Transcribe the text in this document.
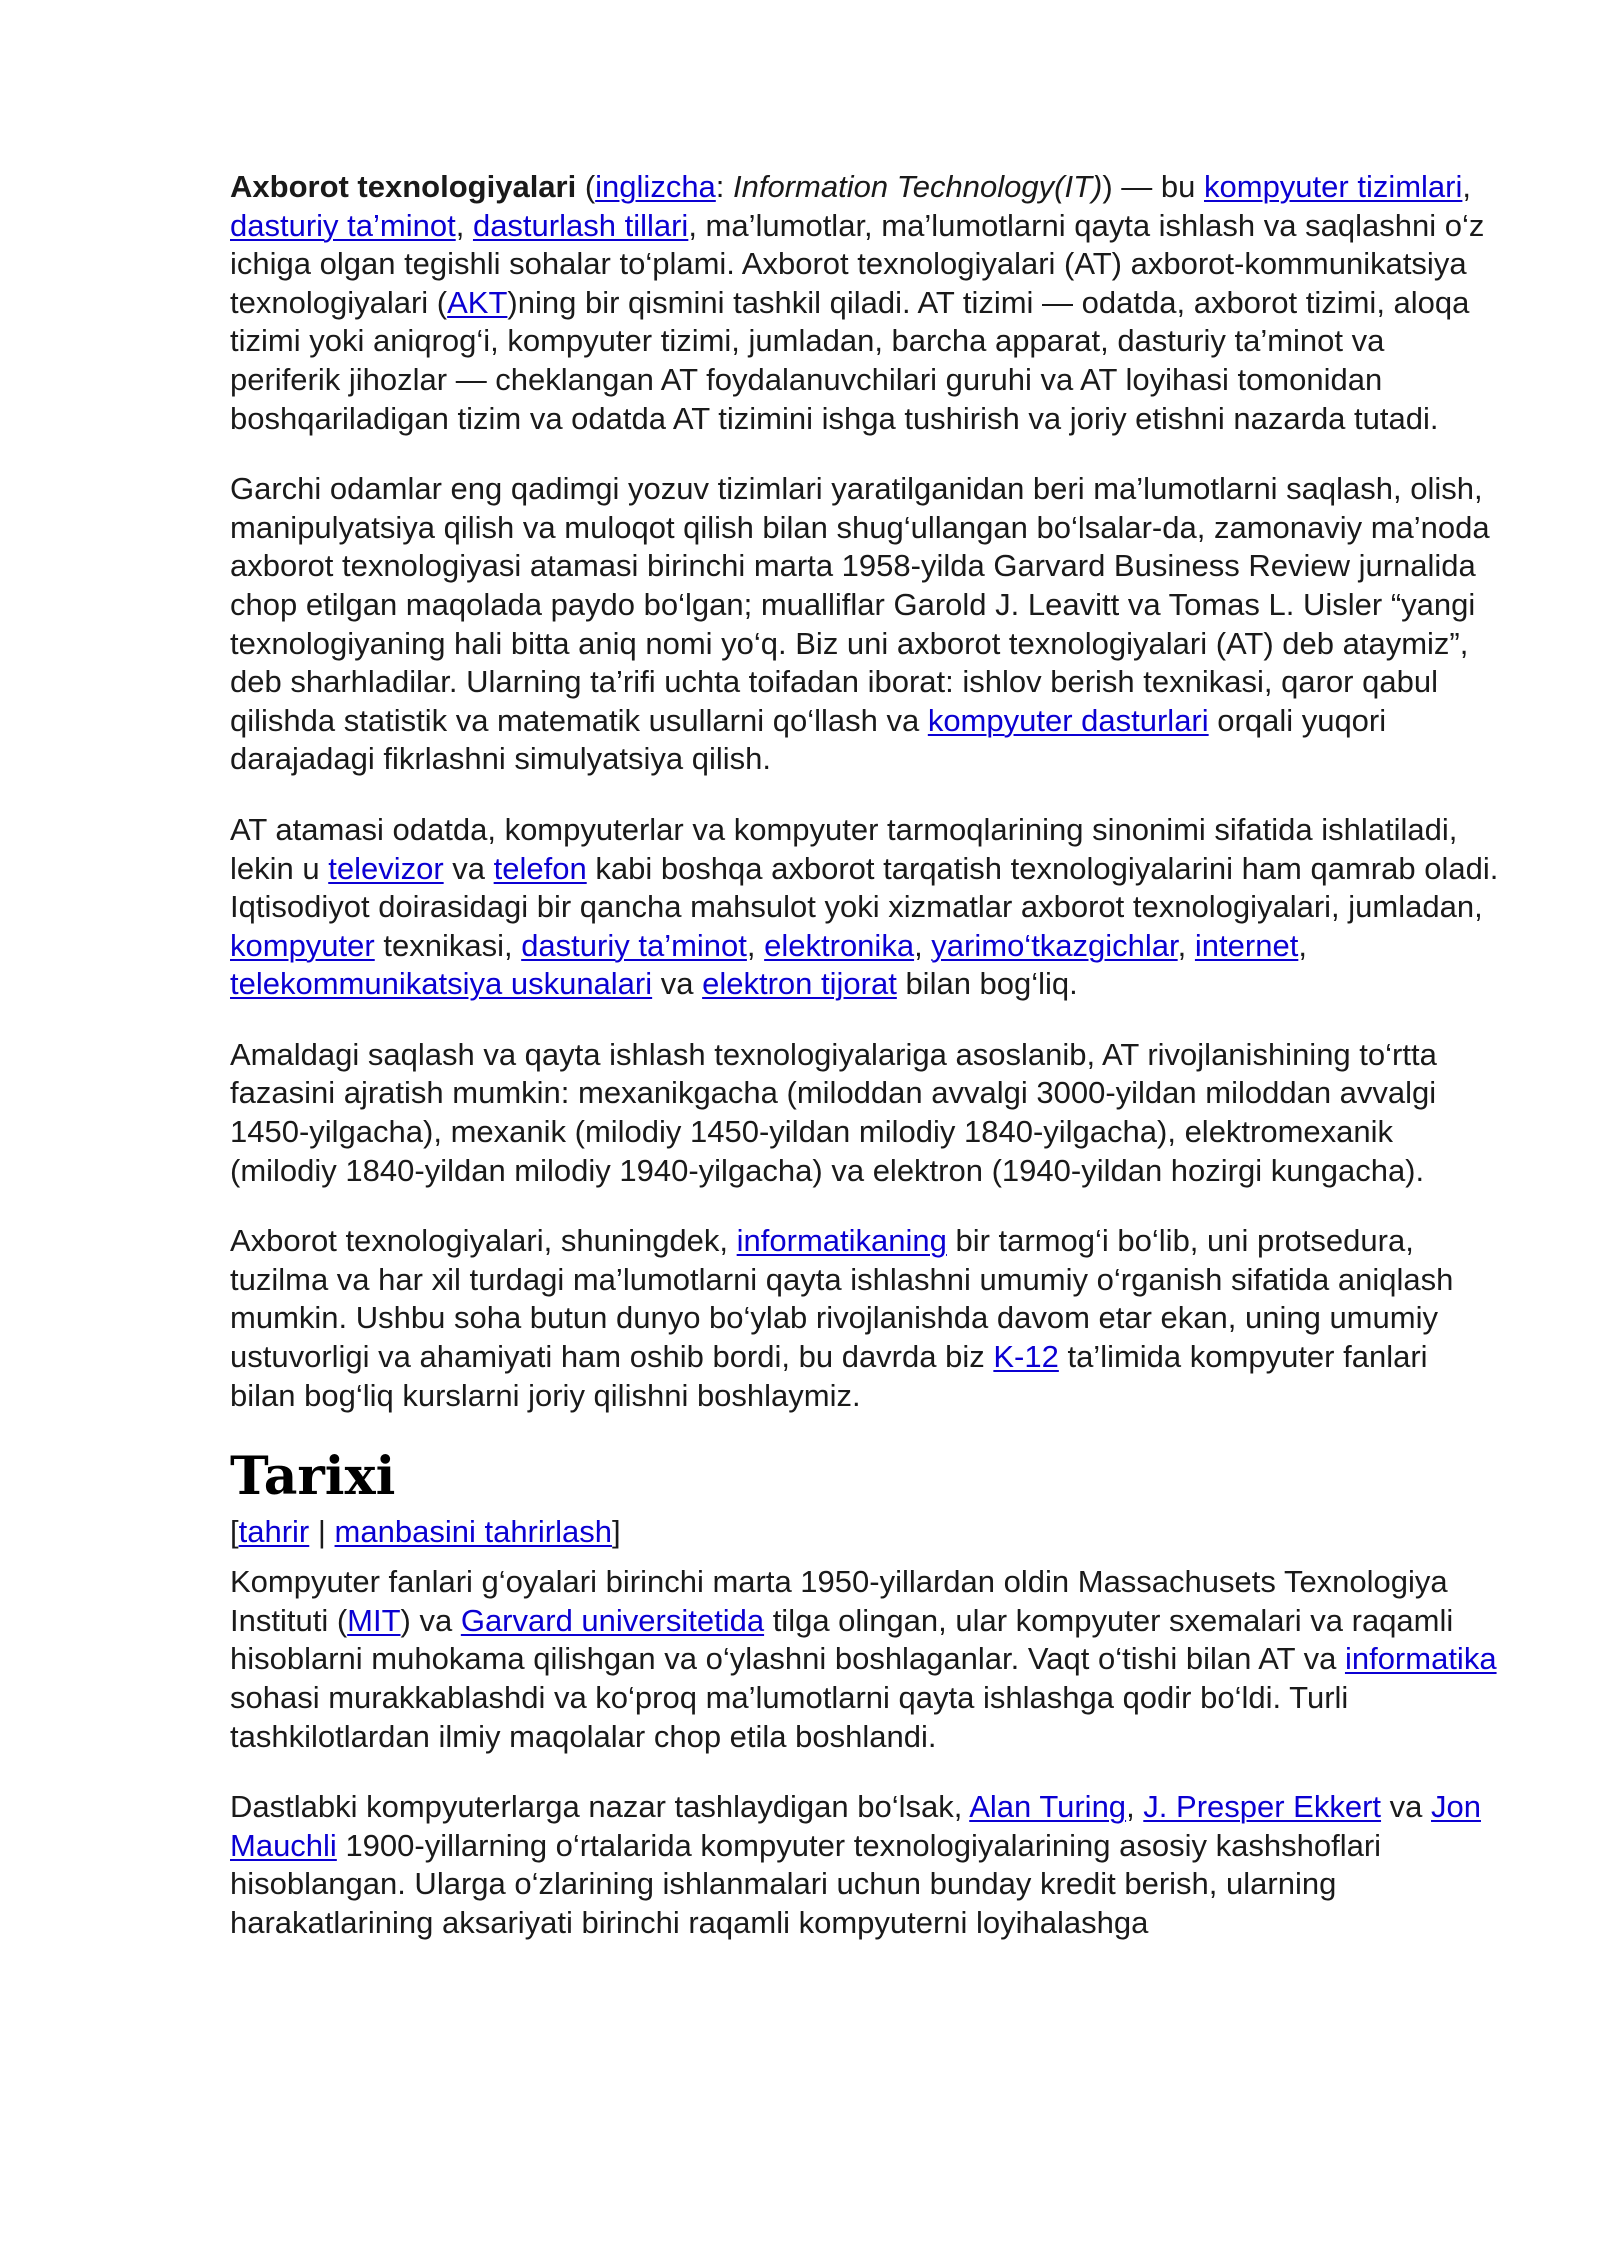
Axborot texnologiyalari (inglizcha: Information Technology(IT)) — bu kompyuter tizimlari, dasturiy ta’minot, dasturlash tillari, ma’lumotlar, ma’lumotlarni qayta ishlash va saqlashni o‘z ichiga olgan tegishli sohalar to‘plami. Axborot texnologiyalari (AT) axborot-kommunikatsiya texnologiyalari (AKT)ning bir qismini tashkil qiladi. AT tizimi — odatda, axborot tizimi, aloqa tizimi yoki aniqrog‘i, kompyuter tizimi, jumladan, barcha apparat, dasturiy ta’minot va periferik jihozlar — cheklangan AT foydalanuvchilari guruhi va AT loyihasi tomonidan boshqariladigan tizim va odatda AT tizimini ishga tushirish va joriy etishni nazarda tutadi.

Garchi odamlar eng qadimgi yozuv tizimlari yaratilganidan beri ma’lumotlarni saqlash, olish, manipulyatsiya qilish va muloqot qilish bilan shug‘ullangan bo‘lsalar-da, zamonaviy ma’noda axborot texnologiyasi atamasi birinchi marta 1958-yilda Garvard Business Review jurnalida chop etilgan maqolada paydo bo‘lgan; mualliflar Garold J. Leavitt va Tomas L. Uisler “yangi texnologiyaning hali bitta aniq nomi yo‘q. Biz uni axborot texnologiyalari (AT) deb ataymiz”, deb sharhladilar. Ularning ta’rifi uchta toifadan iborat: ishlov berish texnikasi, qaror qabul qilishda statistik va matematik usullarni qo‘llash va kompyuter dasturlari orqali yuqori darajadagi fikrlashni simulyatsiya qilish.

AT atamasi odatda, kompyuterlar va kompyuter tarmoqlarining sinonimi sifatida ishlatiladi, lekin u televizor va telefon kabi boshqa axborot tarqatish texnologiyalarini ham qamrab oladi. Iqtisodiyot doirasidagi bir qancha mahsulot yoki xizmatlar axborot texnologiyalari, jumladan, kompyuter texnikasi, dasturiy ta’minot, elektronika, yarimo‘tkazgichlar, internet, telekommunikatsiya uskunalari va elektron tijorat bilan bog‘liq.

Amaldagi saqlash va qayta ishlash texnologiyalariga asoslanib, AT rivojlanishining to‘rtta fazasini ajratish mumkin: mexanikgacha (miloddan avvalgi 3000-yildan miloddan avvalgi 1450-yilgacha), mexanik (milodiy 1450-yildan milodiy 1840-yilgacha), elektromexanik (milodiy 1840-yildan milodiy 1940-yilgacha) va elektron (1940-yildan hozirgi kungacha).

Axborot texnologiyalari, shuningdek, informatikaning bir tarmog‘i bo‘lib, uni protsedura, tuzilma va har xil turdagi ma’lumotlarni qayta ishlashni umumiy o‘rganish sifatida aniqlash mumkin. Ushbu soha butun dunyo bo‘ylab rivojlanishda davom etar ekan, uning umumiy ustuvorligi va ahamiyati ham oshib bordi, bu davrda biz K-12 ta’limida kompyuter fanlari bilan bog‘liq kurslarni joriy qilishni boshlaymiz.

Tarixi
[tahrir | manbasini tahrirlash]

Kompyuter fanlari g‘oyalari birinchi marta 1950-yillardan oldin Massachusets Texnologiya Instituti (MIT) va Garvard universitetida tilga olingan, ular kompyuter sxemalari va raqamli hisoblarni muhokama qilishgan va o‘ylashni boshlaganlar. Vaqt o‘tishi bilan AT va informatika sohasi murakkablashdi va ko‘proq ma’lumotlarni qayta ishlashga qodir bo‘ldi. Turli tashkilotlardan ilmiy maqolalar chop etila boshlandi.

Dastlabki kompyuterlarga nazar tashlaydigan bo‘lsak, Alan Turing, J. Presper Ekkert va Jon Mauchli 1900-yillarning o‘rtalarida kompyuter texnologiyalarining asosiy kashshoflari hisoblangan. Ularga o‘zlarining ishlanmalari uchun bunday kredit berish, ularning harakatlarining aksariyati birinchi raqamli kompyuterni loyihalashga
